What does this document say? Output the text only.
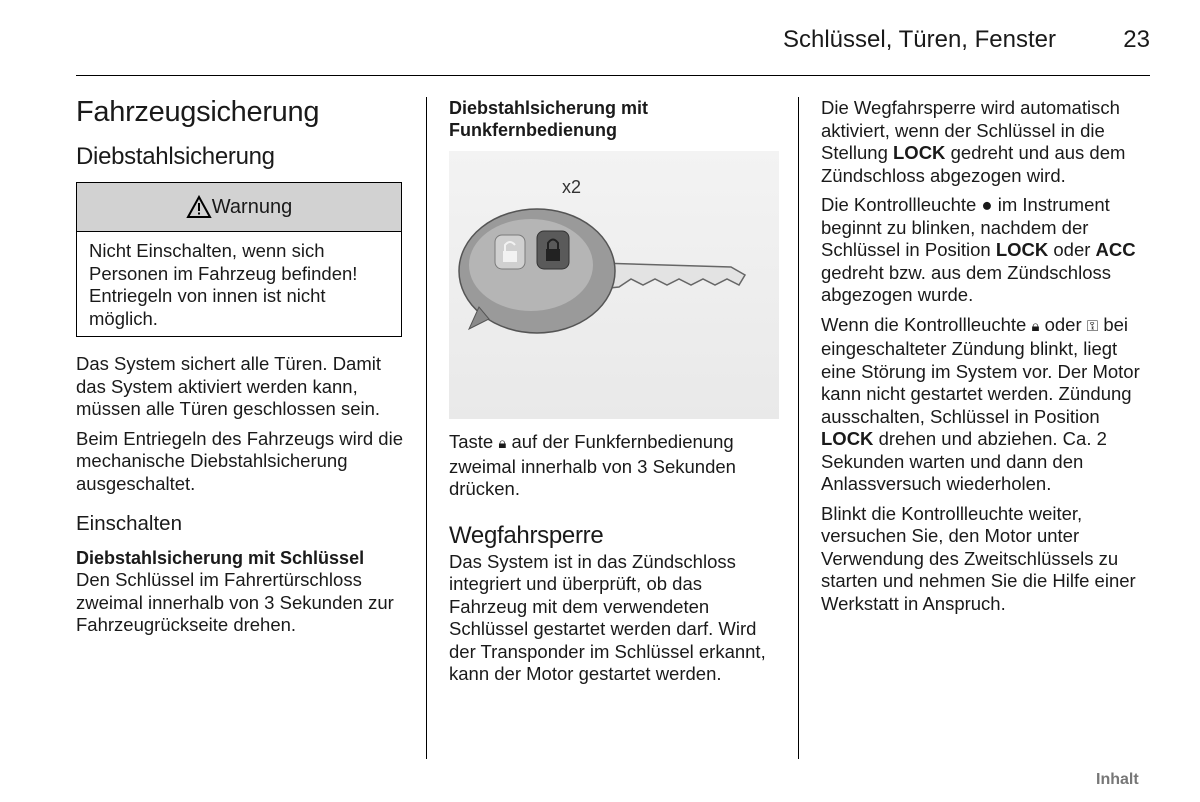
Schlüssel, Türen, Fenster	23
Fahrzeugsicherung
Diebstahlsicherung
Warnung
Nicht Einschalten, wenn sich Personen im Fahrzeug befinden! Entriegeln von innen ist nicht möglich.

Das System sichert alle Türen. Damit das System aktiviert werden kann, müssen alle Türen geschlossen sein.

Beim Entriegeln des Fahrzeugs wird die mechanische Diebstahlsicherung ausgeschaltet.

Einschalten
Diebstahlsicherung mit Schlüssel

Den Schlüssel im Fahrertürschloss zweimal innerhalb von 3 Sekunden zur Fahrzeugrückseite drehen.

Diebstahlsicherung mit Funkfernbedienung
x2

Taste 🔒︎ auf der Funkfernbedienung zweimal innerhalb von 3 Sekunden drücken.

Wegfahrsperre

Das System ist in das Zündschloss integriert und überprüft, ob das Fahrzeug mit dem verwendeten Schlüssel gestartet werden darf. Wird der Transponder im Schlüssel erkannt, kann der Motor gestartet werden.

Die Wegfahrsperre wird automatisch aktiviert, wenn der Schlüssel in die Stellung LOCK gedreht und aus dem Zündschloss abgezogen wird.

Die Kontrollleuchte ● im Instrument beginnt zu blinken, nachdem der Schlüssel in Position LOCK oder ACC gedreht bzw. aus dem Zündschloss abgezogen wurde.

Wenn die Kontrollleuchte 🔒︎ oder ⚿ bei eingeschalteter Zündung blinkt, liegt eine Störung im System vor. Der Motor kann nicht gestartet werden. Zündung ausschalten, Schlüssel in Position LOCK drehen und abziehen. Ca. 2 Sekunden warten und dann den Anlassversuch wiederholen.

Blinkt die Kontrollleuchte weiter, versuchen Sie, den Motor unter Verwendung des Zweitschlüssels zu starten und nehmen Sie die Hilfe einer Werkstatt in Anspruch.

Inhalt
